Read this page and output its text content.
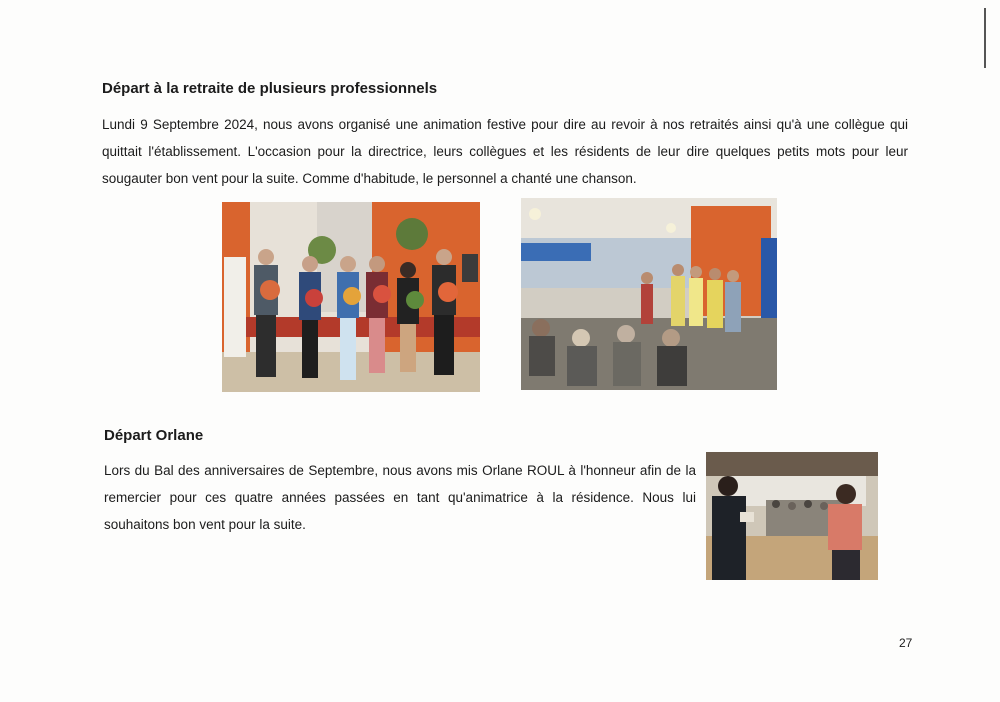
Départ à la retraite de plusieurs professionnels

Lundi 9 Septembre 2024, nous avons organisé une animation festive pour dire au revoir à nos retraités ainsi qu'à une collègue qui quittait l'établissement. L'occasion pour la directrice, leurs collègues et les résidents de leur dire quelques petits mots pour leur sougauter bon vent pour la suite. Comme d'habitude, le personnel a chanté une chanson.

Départ Orlane

Lors du Bal des anniversaires de Septembre, nous avons mis Orlane ROUL à l'honneur afin de la remercier pour ces quatre années passées en tant qu'animatrice à la résidence. Nous lui souhaitons bon vent pour la suite.

27
